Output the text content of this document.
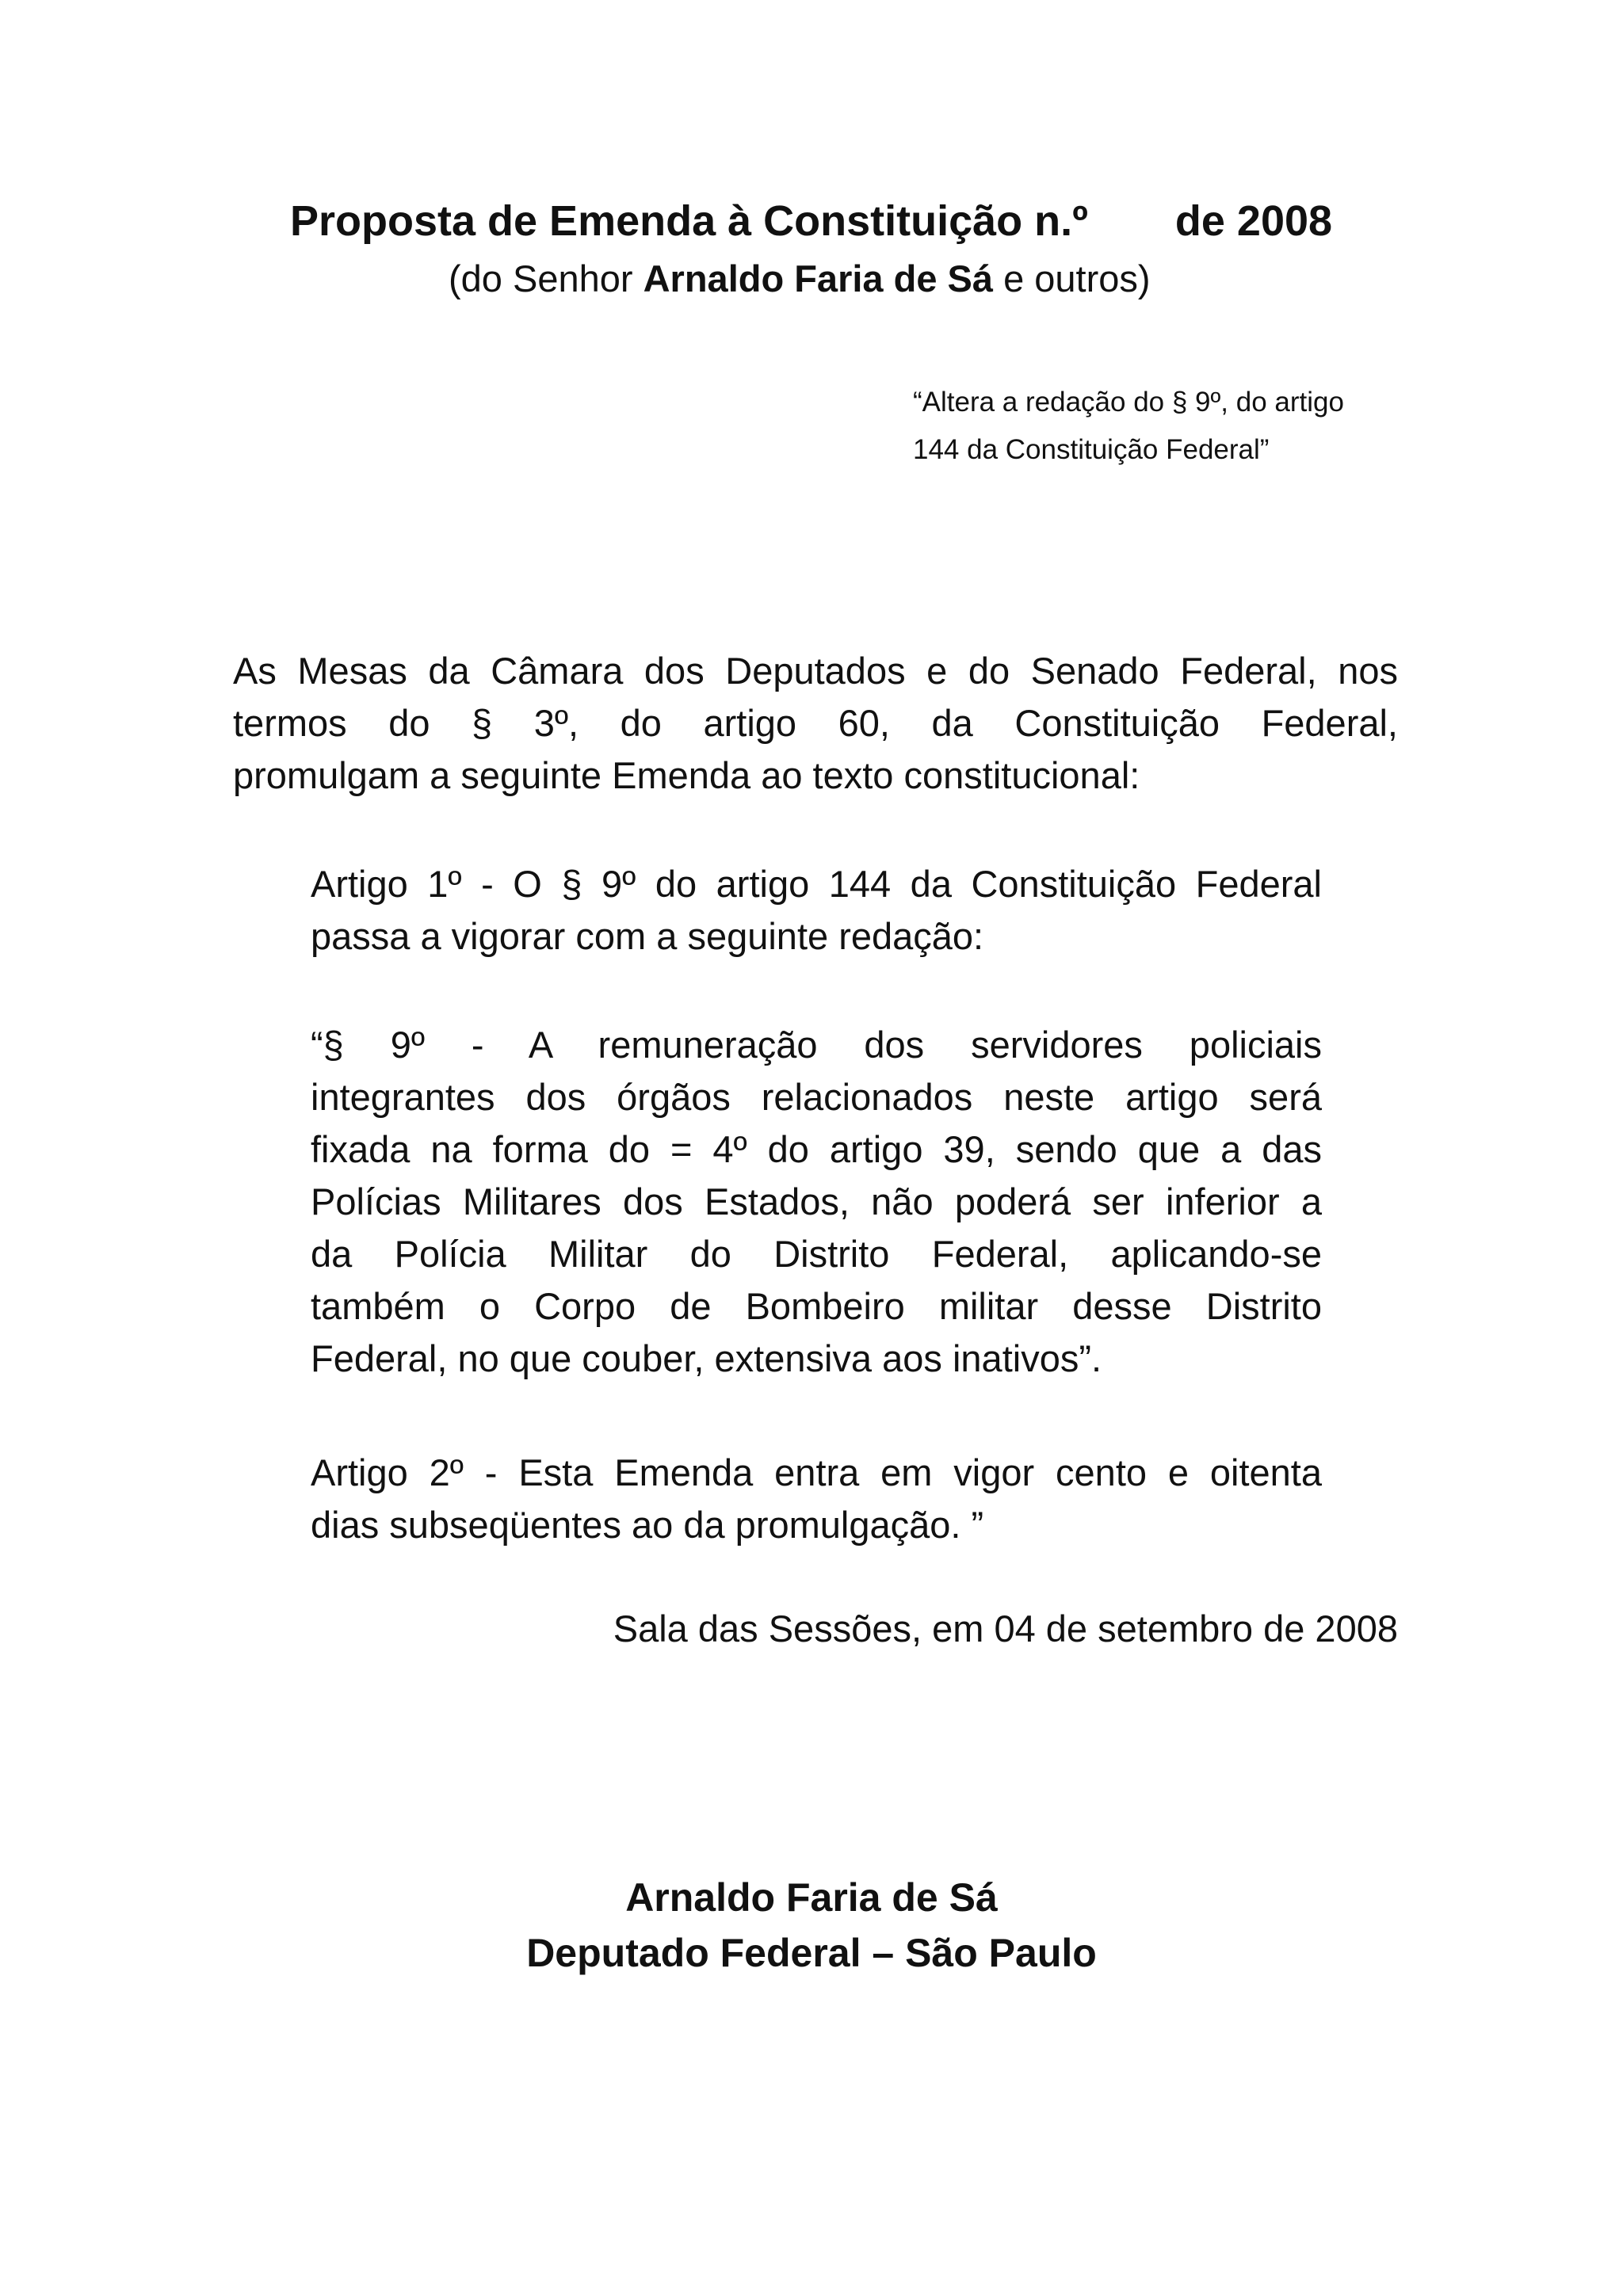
Proposta de Emenda à Constituição n.º de 2008
(do Senhor Arnaldo Faria de Sá e outros)
“Altera a redação do § 9º, do artigo
144 da Constituição Federal”
As Mesas da Câmara dos Deputados e do Senado Federal, nos
termos do § 3º, do artigo 60, da Constituição Federal,
promulgam a seguinte Emenda ao texto constitucional:
Artigo 1º - O § 9º do artigo 144 da Constituição Federal
passa a vigorar com a seguinte redação:
“§ 9º - A remuneração dos servidores policiais
integrantes dos órgãos relacionados neste artigo será
fixada na forma do = 4º do artigo 39, sendo que a das
Polícias Militares dos Estados, não poderá ser inferior a
da Polícia Militar do Distrito Federal, aplicando-se
também o Corpo de Bombeiro militar desse Distrito
Federal, no que couber, extensiva aos inativos”.
Artigo 2º - Esta Emenda entra em vigor cento e oitenta
dias subseqüentes ao da promulgação. ”
Sala das Sessões, em 04 de setembro de 2008
Arnaldo Faria de Sá
Deputado Federal – São Paulo
